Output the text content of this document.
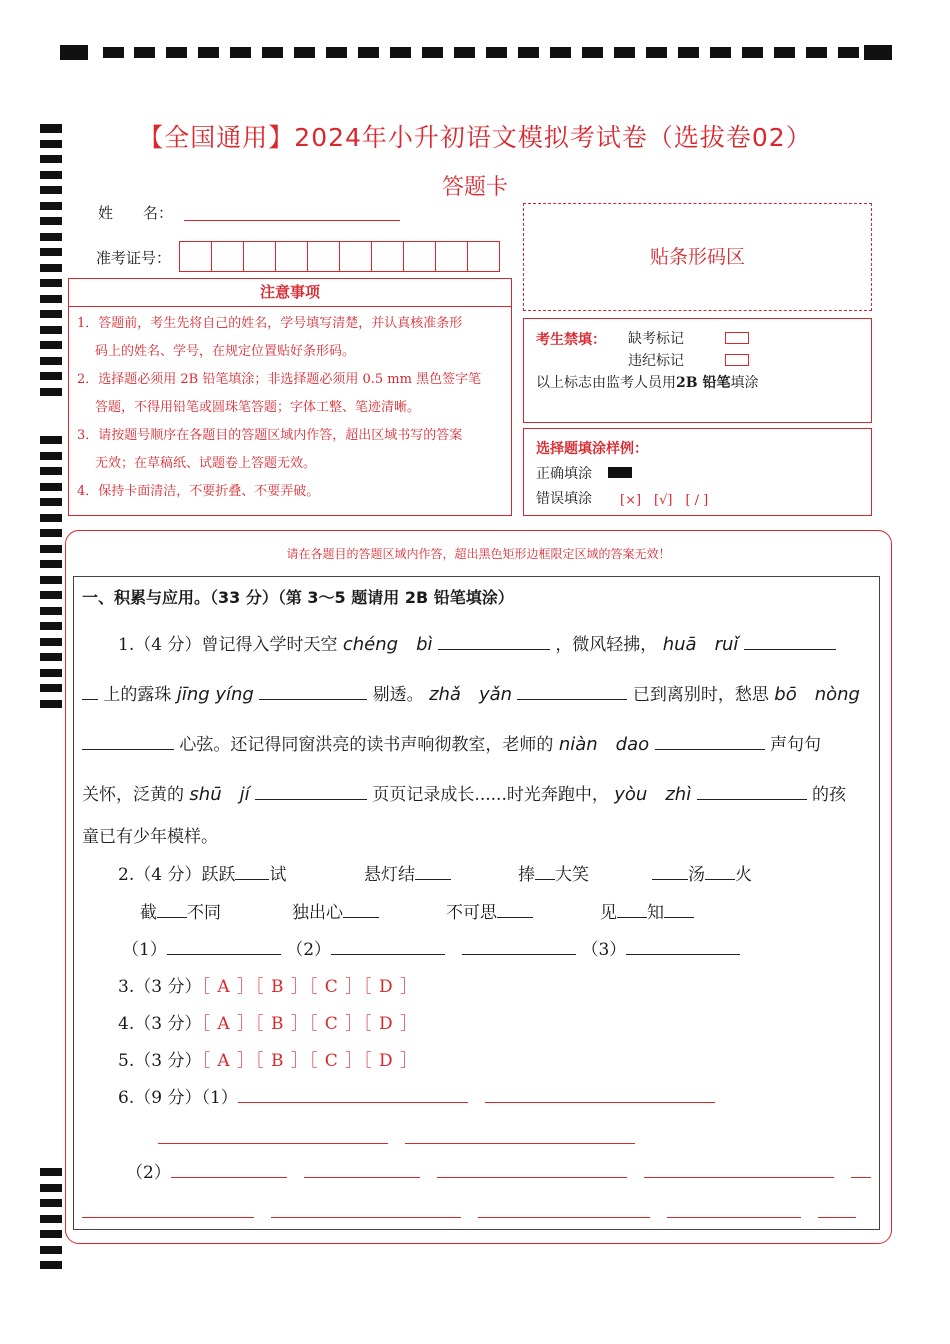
【全国通用】2024年小升初语文模拟考试卷（选拔卷02）
答题卡
姓　　名：
准考证号：	贴条形码区
注意事项
1．答题前，考生先将自己的姓名，学号填写清楚，并认真核准条形
码上的姓名、学号，在规定位置贴好条形码。
2．选择题必须用 2B 铅笔填涂；非选择题必须用 0.5 mm 黑色签字笔
答题，不得用铅笔或圆珠笔答题；字体工整、笔迹清晰。
3．请按题号顺序在各题目的答题区域内作答，超出区域书写的答案
无效；在草稿纸、试题卷上答题无效。
4．保持卡面清洁，不要折叠、不要弄破。
考生禁填： 缺考标记
违纪标记
以上标志由监考人员用2B 铅笔填涂
选择题填涂样例：
正确填涂
错误填涂 [×]　[√]　[ / ]
请在各题目的答题区域内作答，超出黑色矩形边框限定区域的答案无效！
一、积累与应用。（33 分）（第 3～5 题请用 2B 铅笔填涂）
1.（4 分）曾记得入学时天空 chéng　bì	，微风轻拂， huā　ruǐ
上的露珠 jīng yíng	剔透。 zhǎ　yǎn	已到离别时，愁思 bō　nòng
心弦。还记得同窗洪亮的读书声响彻教室，老师的 niàn　dao	声句句
关怀，泛黄的 shū　jí	页页记录成长......时光奔跑中， yòu　zhì	的孩
童已有少年模样。
2.（4 分）跃跃 试	悬灯结	捧 大笑	汤 火
截 不同	独出心	不可思	见 知
（1）	（2）　	（3）
3.（3 分）［ A ］［ B ］［ C ］［ D ］
4.（3 分）［ A ］［ B ］［ C ］［ D ］
5.（3 分）［ A ］［ B ］［ C ］［ D ］
6.（9 分）（1）　

（2）　　　　
